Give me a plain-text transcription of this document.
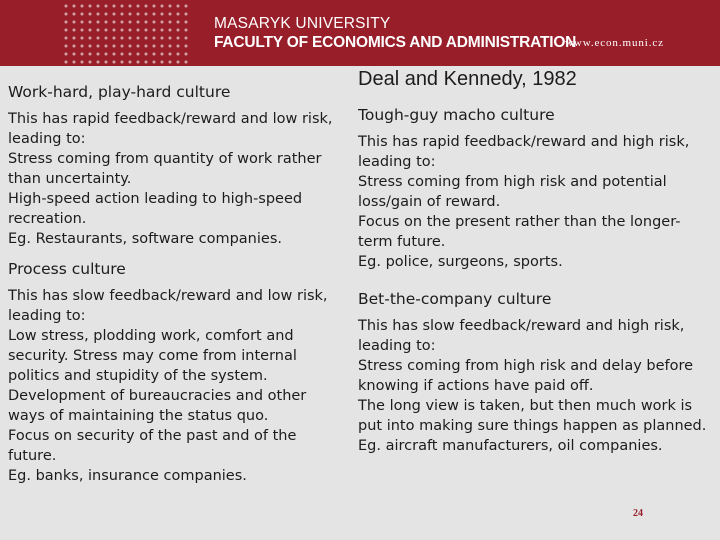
MASARYK UNIVERSITY
FACULTY OF ECONOMICS AND ADMINISTRATION
www.econ.muni.cz
Deal and Kennedy, 1982

Work-hard, play-hard culture

This has rapid feedback/reward and low risk, leading to:

Stress coming from quantity of work rather than uncertainty.

High-speed action leading to high-speed recreation.

Eg. Restaurants, software companies.

Process culture

This has slow feedback/reward and low risk, leading to:

Low stress, plodding work, comfort and security. Stress may come from internal politics and stupidity of the system.

Development of bureaucracies and other ways of maintaining the status quo.

Focus on security of the past and of the future.

Eg. banks, insurance companies.

Tough-guy macho culture

This has rapid feedback/reward and high risk, leading to:

Stress coming from high risk and potential loss/gain of reward.

Focus on the present rather than the longer-term future.

Eg. police, surgeons, sports.

Bet-the-company culture

This has slow feedback/reward and high risk, leading to:

Stress coming from high risk and delay before knowing if actions have paid off.

The long view is taken, but then much work is put into making sure things happen as planned.

Eg. aircraft manufacturers, oil companies.

24
